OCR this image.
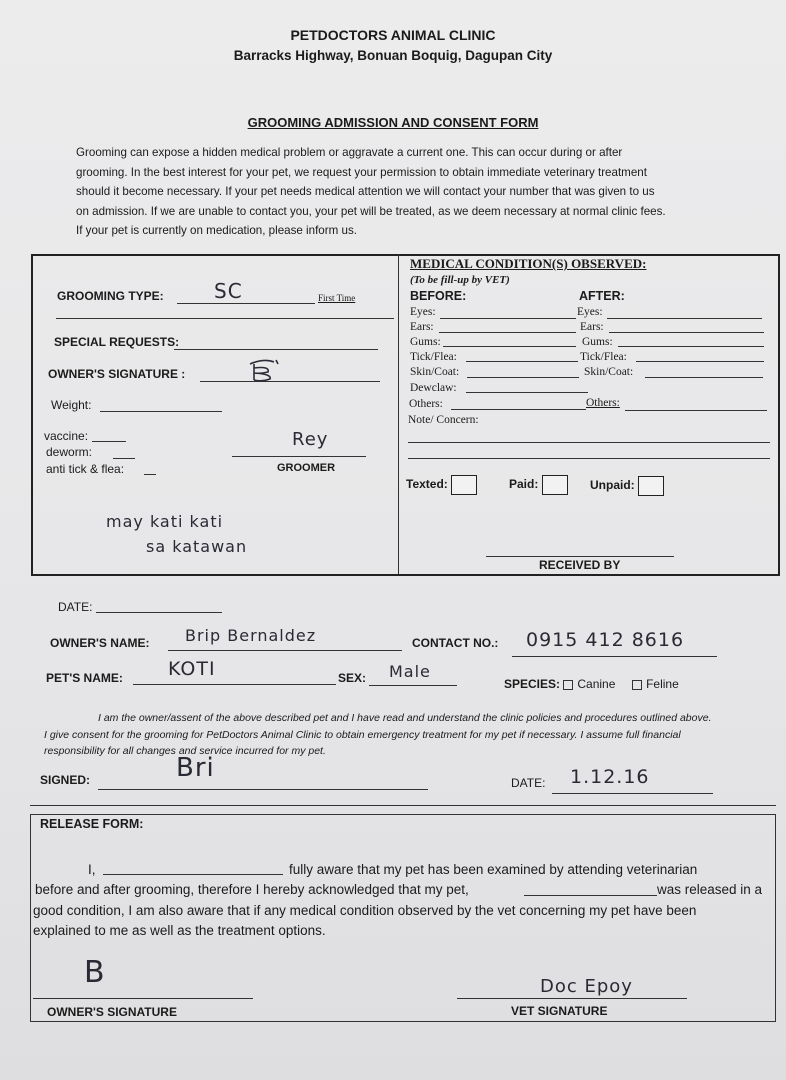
PETDOCTORS ANIMAL CLINIC
Barracks Highway, Bonuan Boquig, Dagupan City
GROOMING ADMISSION AND CONSENT FORM
Grooming can expose a hidden medical problem or aggravate a current one. This can occur during or after
grooming. In the best interest for your pet, we request your permission to obtain immediate veterinary treatment
should it become necessary. If your pet needs medical attention we will contact your number that was given to us
on admission. If we are unable to contact you, your pet will be treated, as we deem necessary at normal clinic fees.
If your pet is currently on medication, please inform us.
GROOMING TYPE:	SC	First Time
SPECIAL REQUESTS:
OWNER'S SIGNATURE :
Weight:
vaccine:
deworm:
anti tick & flea:
Rey
GROOMER
may kati kati
sa katawan
MEDICAL CONDITION(S) OBSERVED:
(To be fill-up by VET)
BEFORE:	AFTER:
Eyes:	Eyes:
Ears:	Ears:
Gums:	Gums:
Tick/Flea:	Tick/Flea:
Skin/Coat:	Skin/Coat:
Dewclaw:
Others:	Others:
Note/ Concern:
Texted:	Paid:	Unpaid:
RECEIVED BY
DATE:
OWNER'S NAME: Brip Bernaldez	CONTACT NO.: 0915 412 8616
PET'S NAME: KOTI	SEX: Male
SPECIES: Canine	Feline
I am the owner/assent of the above described pet and I have read and understand the clinic policies and procedures outlined above.
I give consent for the grooming for PetDoctors Animal Clinic to obtain emergency treatment for my pet if necessary. I assume full financial
responsibility for all changes and service incurred for my pet.
SIGNED:	Bri	DATE: 1.12.16
RELEASE FORM:
I,	fully aware that my pet has been examined by attending veterinarian
before and after grooming, therefore I hereby acknowledged that my pet,	was released in a
good condition, I am also aware that if any medical condition observed by the vet concerning my pet have been
explained to me as well as the treatment options.
B
OWNER'S SIGNATURE
Doc Epoy
VET SIGNATURE
